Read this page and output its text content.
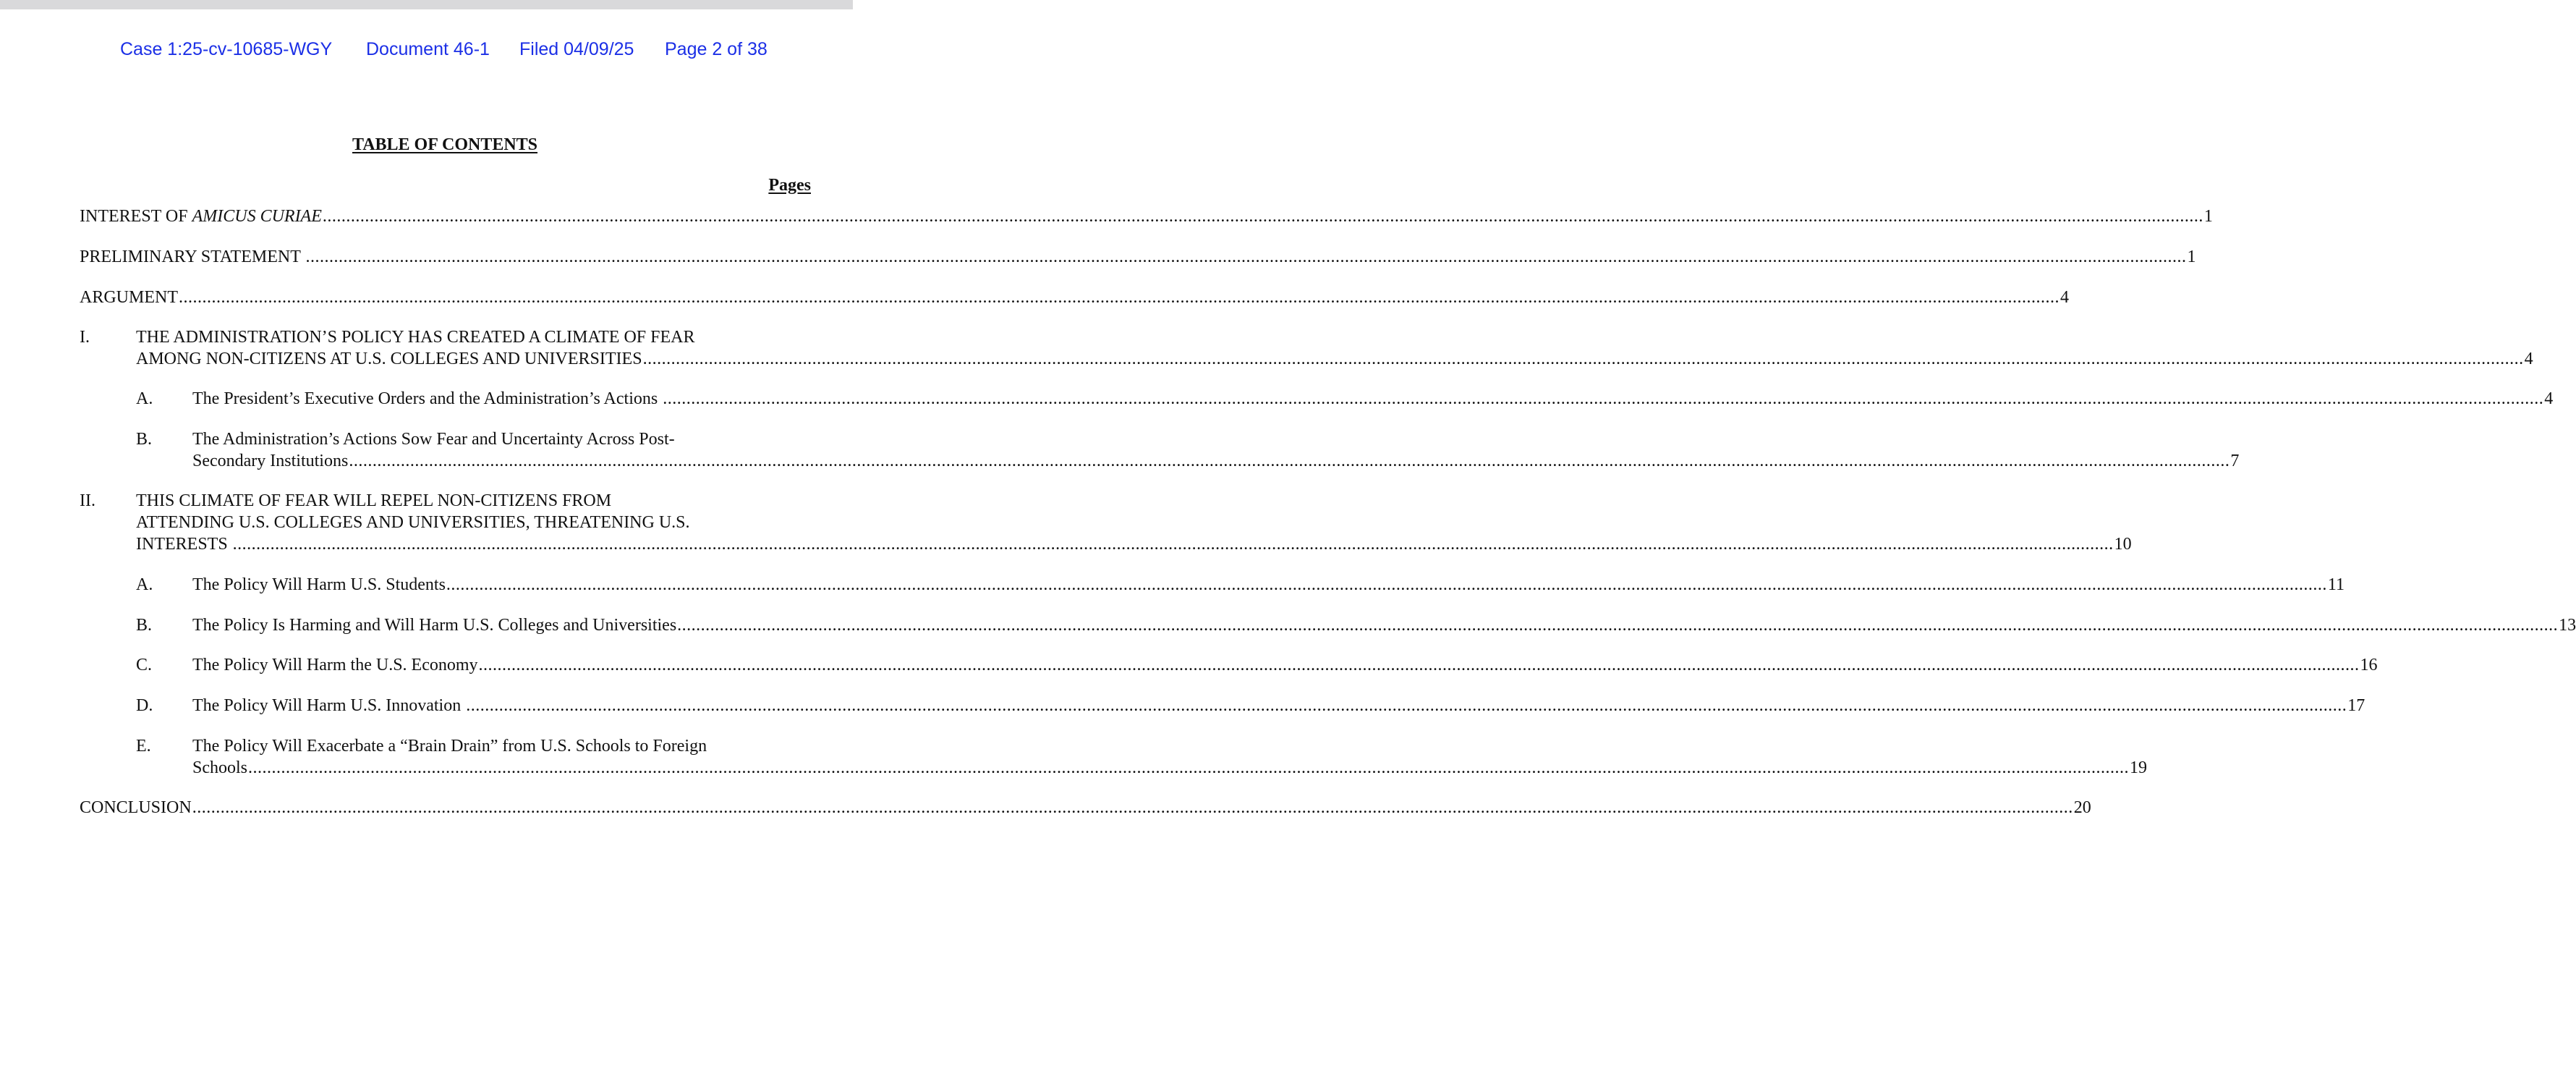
Case 1:25-cv-10685-WGY Document 46-1 Filed 04/09/25 Page 2 of 38
TABLE OF CONTENTS
Pages
INTEREST OF AMICUS CURIAE ................................................................................................................................................................................................................................................................................................................................................................................................................ 1
PRELIMINARY STATEMENT ................................................................................................................................................................................................................................................................................................................................................................................................................ 1
ARGUMENT ................................................................................................................................................................................................................................................................................................................................................................................................................ 4
I.	THE ADMINISTRATION’S POLICY HAS CREATED A CLIMATE OF FEAR
AMONG NON-CITIZENS AT U.S. COLLEGES AND UNIVERSITIES ................................................................................................................................................................................................................................................................................................................................................................................................................ 4
A. The President’s Executive Orders and the Administration’s Actions ................................................................................................................................................................................................................................................................................................................................................................................................................ 4
B. The Administration’s Actions Sow Fear and Uncertainty Across Post-
Secondary Institutions ................................................................................................................................................................................................................................................................................................................................................................................................................ 7
II. THIS CLIMATE OF FEAR WILL REPEL NON-CITIZENS FROM
ATTENDING U.S. COLLEGES AND UNIVERSITIES, THREATENING U.S.
INTERESTS ................................................................................................................................................................................................................................................................................................................................................................................................................ 10
A. The Policy Will Harm U.S. Students ................................................................................................................................................................................................................................................................................................................................................................................................................ 11
B. The Policy Is Harming and Will Harm U.S. Colleges and Universities ................................................................................................................................................................................................................................................................................................................................................................................................................ 13
C. The Policy Will Harm the U.S. Economy ................................................................................................................................................................................................................................................................................................................................................................................................................ 16
D. The Policy Will Harm U.S. Innovation ................................................................................................................................................................................................................................................................................................................................................................................................................ 17
E. The Policy Will Exacerbate a “Brain Drain” from U.S. Schools to Foreign
Schools ................................................................................................................................................................................................................................................................................................................................................................................................................ 19
CONCLUSION ................................................................................................................................................................................................................................................................................................................................................................................................................ 20
